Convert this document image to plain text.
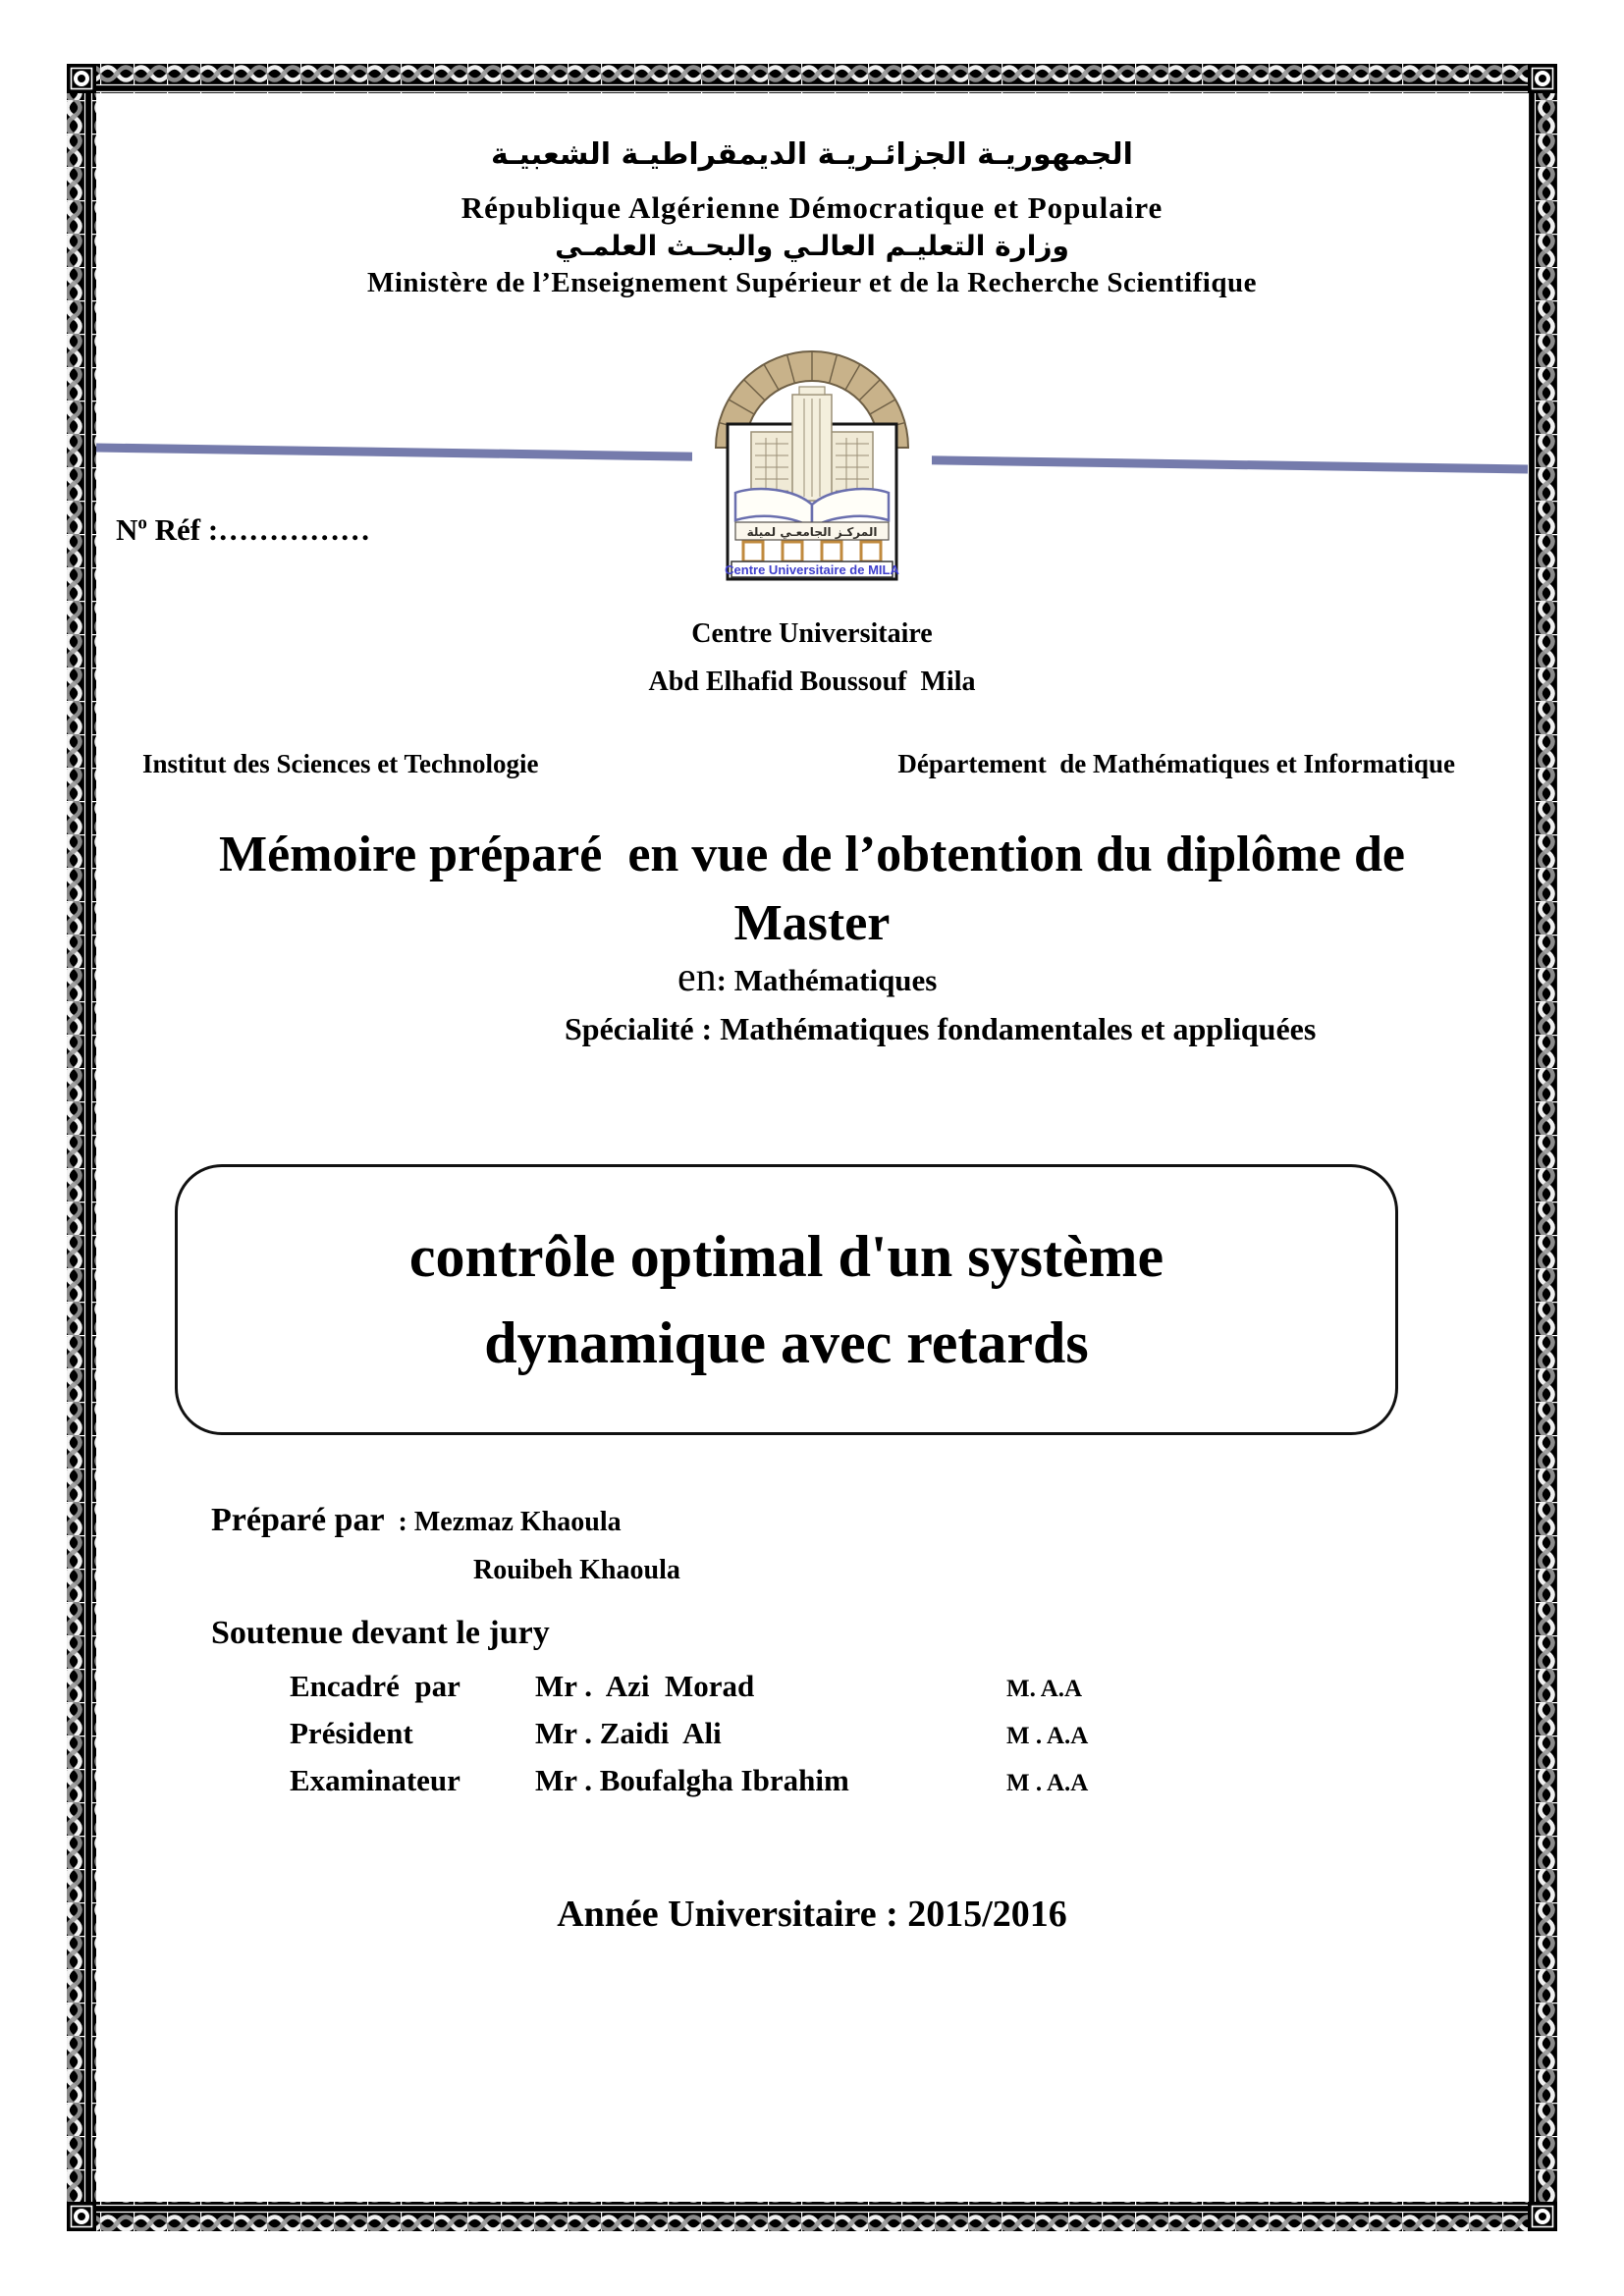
المركـز الجامعـي لميلة
Centre Universitaire de MILA
الجمهوريـة الجزائـريـة الديمقراطيـة الشعبيـة
République Algérienne Démocratique et Populaire
وزارة التعليـم العالـي والبحـث العلمـي
Ministère de l’Enseignement Supérieur et de la Recherche Scientifique
$N^o$ Réf :……………
Centre Universitaire
Abd Elhafid Boussouf  Mila
Institut des Sciences et Technologie	Département  de Mathématiques et Informatique
Mémoire préparé  en vue de l’obtention du diplôme de
Master
en: Mathématiques
Spécialité : Mathématiques fondamentales et appliquées
contrôle optimal d'un système
dynamique avec retards
Préparé par  : Mezmaz Khaoula
Rouibeh Khaoula
Soutenue devant le jury
Encadré  par Mr .  Azi  Morad	M. A.A
Président	Mr . Zaidi  Ali	M . A.A
Examinateur Mr . Boufalgha Ibrahim	M . A.A
Année Universitaire : 2015/2016
